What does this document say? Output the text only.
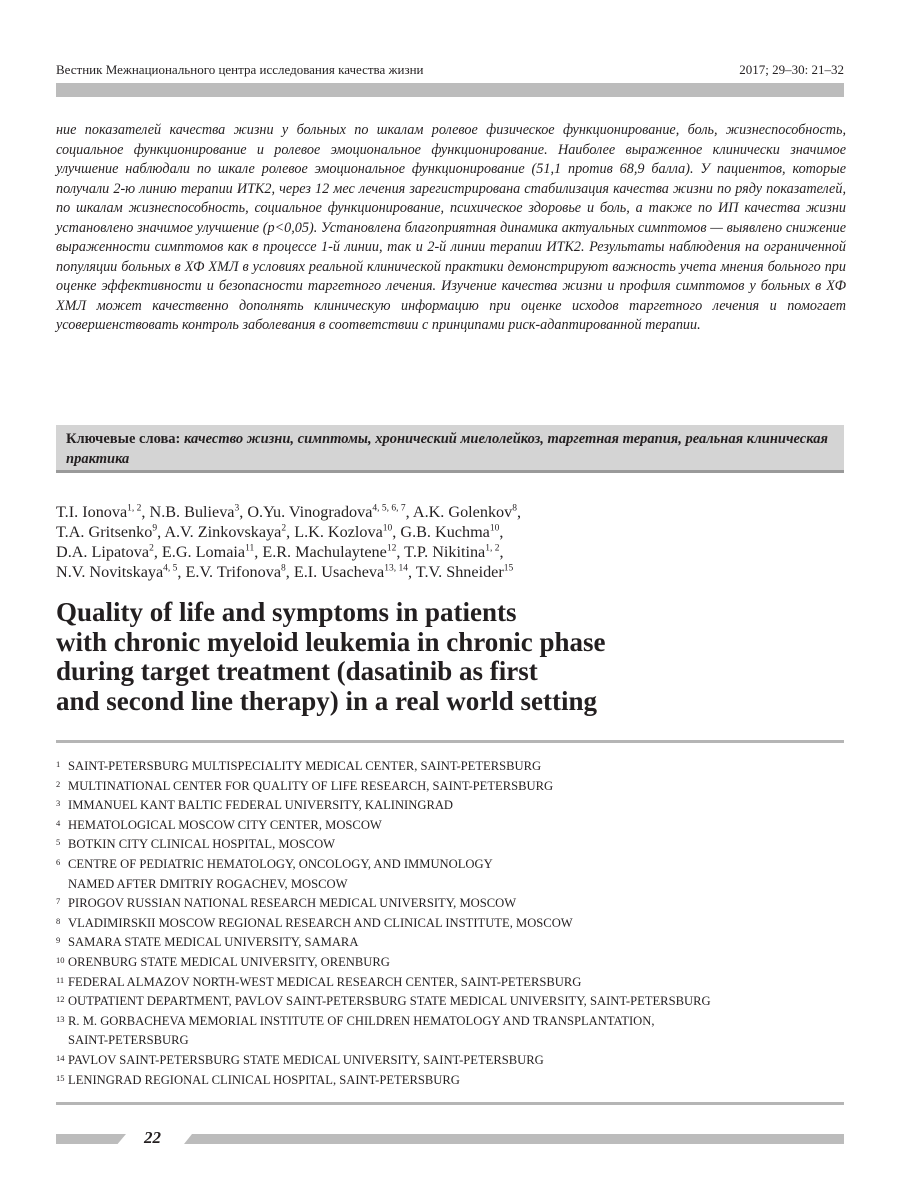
Вестник Межнационального центра исследования качества жизни	2017; 29–30: 21–32

ние показателей качества жизни у больных по шкалам ролевое физическое функционирование, боль, жизнеспособность, социальное функционирование и ролевое эмоциональное функционирование. Наиболее выраженное клинически значимое улучшение наблюдали по шкале ролевое эмоциональное функционирование (51,1 против 68,9 балла). У пациентов, которые получали 2-ю линию терапии ИТК2, через 12 мес лечения зарегистрирована стабилизация качества жизни по ряду показателей, по шкалам жизнеспособность, социальное функционирование, психическое здоровье и боль, а также по ИП качества жизни установлено значимое улучшение (p<0,05). Установлена благоприятная динамика актуальных симптомов — выявлено снижение выраженности симптомов как в процессе 1-й линии, так и 2-й линии терапии ИТК2. Результаты наблюдения на ограниченной популяции больных в ХФ ХМЛ в условиях реальной клинической практики демонстрируют важность учета мнения больного при оценке эффективности и безопасности таргетного лечения. Изучение качества жизни и профиля симптомов у больных в ХФ ХМЛ может качественно дополнять клиническую информацию при оценке исходов таргетного лечения и помогает усовершенствовать контроль заболевания в соответствии с принципами риск-адаптированной терапии.

Ключевые слова: качество жизни, симптомы, хронический миелолейкоз, таргетная терапия, реальная клиническая практика
T.I. Ionova$^{1, 2}$, N.B. Bulieva$^3$, O.Yu. Vinogradova$^{4, 5, 6, 7}$, A.K. Golenkov$^8$,
T.A. Gritsenko$^9$, A.V. Zinkovskaya$^2$, L.K. Kozlova$^{10}$, G.B. Kuchma$^{10}$,
D.A. Lipatova$^2$, E.G. Lomaia$^{11}$, E.R. Machulaytene$^{12}$, T.P. Nikitina$^{1, 2}$,
N.V. Novitskaya$^{4, 5}$, E.V. Trifonova$^8$, E.I. Usacheva$^{13, 14}$, T.V. Shneider$^{15}$
Quality of life and symptoms in patients
with chronic myeloid leukemia in chronic phase
during target treatment (dasatinib as first
and second line therapy) in a real world setting
1 SAINT-PETERSBURG MULTISPECIALITY MEDICAL CENTER, SAINT-PETERSBURG
2 MULTINATIONAL CENTER FOR QUALITY OF LIFE RESEARCH, SAINT-PETERSBURG
3 IMMANUEL KANT BALTIC FEDERAL UNIVERSITY, KALININGRAD
4 HEMATOLOGICAL MOSCOW CITY CENTER, MOSCOW
5 BOTKIN CITY CLINICAL HOSPITAL, MOSCOW
6 CENTRE OF PEDIATRIC HEMATOLOGY, ONCOLOGY, AND IMMUNOLOGY
NAMED AFTER DMITRIY ROGACHEV, MOSCOW
7 PIROGOV RUSSIAN NATIONAL RESEARCH MEDICAL UNIVERSITY, MOSCOW
8 VLADIMIRSKII MOSCOW REGIONAL RESEARCH AND CLINICAL INSTITUTE, MOSCOW
9 SAMARA STATE MEDICAL UNIVERSITY, SAMARA
10 ORENBURG STATE MEDICAL UNIVERSITY, ORENBURG
11 FEDERAL ALMAZOV NORTH-WEST MEDICAL RESEARCH CENTER, SAINT-PETERSBURG
12 OUTPATIENT DEPARTMENT, PAVLOV SAINT-PETERSBURG STATE MEDICAL UNIVERSITY, SAINT-PETERSBURG
13 R. M. GORBACHEVA MEMORIAL INSTITUTE OF CHILDREN HEMATOLOGY AND TRANSPLANTATION,
SAINT-PETERSBURG
14 PAVLOV SAINT-PETERSBURG STATE MEDICAL UNIVERSITY, SAINT-PETERSBURG
15 LENINGRAD REGIONAL CLINICAL HOSPITAL, SAINT-PETERSBURG
22
